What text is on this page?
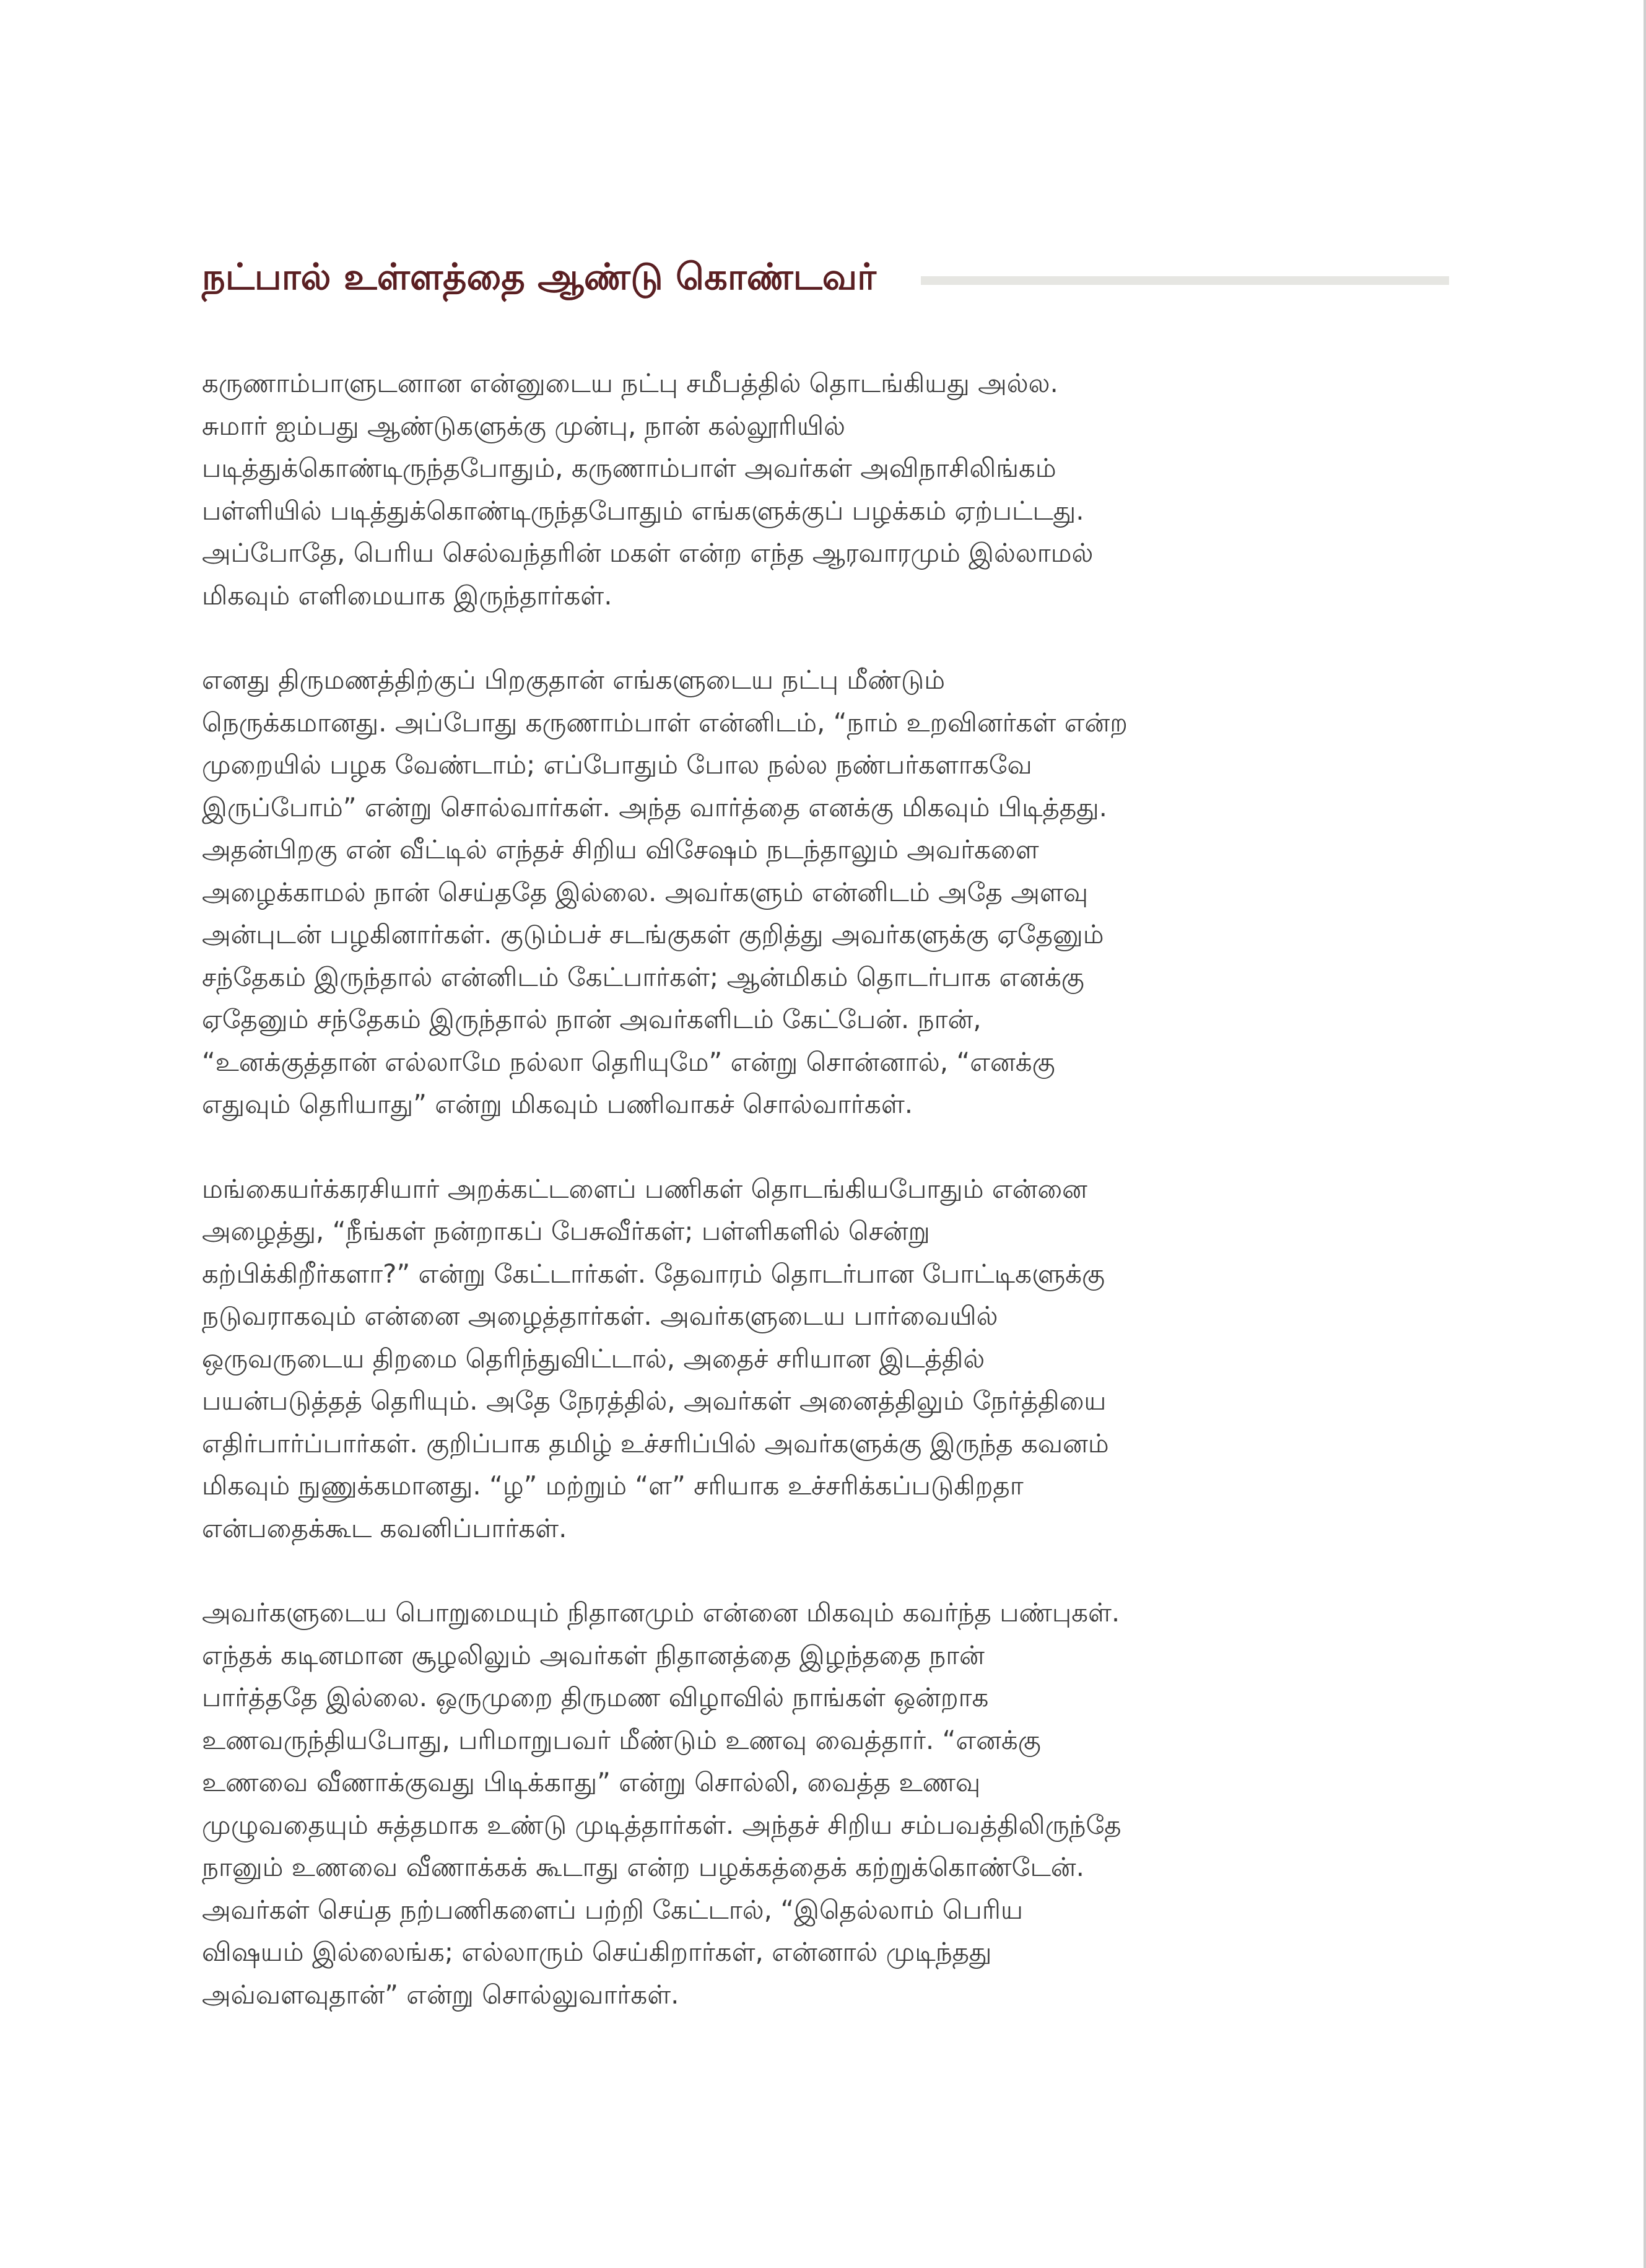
நட்பால் உள்ளத்தை ஆண்டு கொண்டவர்

கருணாம்பாளுடனான என்னுடைய நட்பு சமீபத்தில் தொடங்கியது அல்ல.
சுமார் ஐம்பது ஆண்டுகளுக்கு முன்பு, நான் கல்லூரியில்
படித்துக்கொண்டிருந்தபோதும், கருணாம்பாள் அவர்கள் அவிநாசிலிங்கம்
பள்ளியில் படித்துக்கொண்டிருந்தபோதும் எங்களுக்குப் பழக்கம் ஏற்பட்டது.
அப்போதே, பெரிய செல்வந்தரின் மகள் என்ற எந்த ஆரவாரமும் இல்லாமல்
மிகவும் எளிமையாக இருந்தார்கள்.

எனது திருமணத்திற்குப் பிறகுதான் எங்களுடைய நட்பு மீண்டும்
நெருக்கமானது. அப்போது கருணாம்பாள் என்னிடம், “நாம் உறவினர்கள் என்ற
முறையில் பழக வேண்டாம்; எப்போதும் போல நல்ல நண்பர்களாகவே
இருப்போம்” என்று சொல்வார்கள். அந்த வார்த்தை எனக்கு மிகவும் பிடித்தது.
அதன்பிறகு என் வீட்டில் எந்தச் சிறிய விசேஷம் நடந்தாலும் அவர்களை
அழைக்காமல் நான் செய்ததே இல்லை. அவர்களும் என்னிடம் அதே அளவு
அன்புடன் பழகினார்கள். குடும்பச் சடங்குகள் குறித்து அவர்களுக்கு ஏதேனும்
சந்தேகம் இருந்தால் என்னிடம் கேட்பார்கள்; ஆன்மிகம் தொடர்பாக எனக்கு
ஏதேனும் சந்தேகம் இருந்தால் நான் அவர்களிடம் கேட்பேன். நான்,
“உனக்குத்தான் எல்லாமே நல்லா தெரியுமே” என்று சொன்னால், “எனக்கு
எதுவும் தெரியாது” என்று மிகவும் பணிவாகச் சொல்வார்கள்.

மங்கையர்க்கரசியார் அறக்கட்டளைப் பணிகள் தொடங்கியபோதும் என்னை
அழைத்து, “நீங்கள் நன்றாகப் பேசுவீர்கள்; பள்ளிகளில் சென்று
கற்பிக்கிறீர்களா?” என்று கேட்டார்கள். தேவாரம் தொடர்பான போட்டிகளுக்கு
நடுவராகவும் என்னை அழைத்தார்கள். அவர்களுடைய பார்வையில்
ஒருவருடைய திறமை தெரிந்துவிட்டால், அதைச் சரியான இடத்தில்
பயன்படுத்தத் தெரியும். அதே நேரத்தில், அவர்கள் அனைத்திலும் நேர்த்தியை
எதிர்பார்ப்பார்கள். குறிப்பாக தமிழ் உச்சரிப்பில் அவர்களுக்கு இருந்த கவனம்
மிகவும் நுணுக்கமானது. “ழ” மற்றும் “ள” சரியாக உச்சரிக்கப்படுகிறதா
என்பதைக்கூட கவனிப்பார்கள்.

அவர்களுடைய பொறுமையும் நிதானமும் என்னை மிகவும் கவர்ந்த பண்புகள்.
எந்தக் கடினமான சூழலிலும் அவர்கள் நிதானத்தை இழந்ததை நான்
பார்த்ததே இல்லை. ஒருமுறை திருமண விழாவில் நாங்கள் ஒன்றாக
உணவருந்தியபோது, பரிமாறுபவர் மீண்டும் உணவு வைத்தார். “எனக்கு
உணவை வீணாக்குவது பிடிக்காது” என்று சொல்லி, வைத்த உணவு
முழுவதையும் சுத்தமாக உண்டு முடித்தார்கள். அந்தச் சிறிய சம்பவத்திலிருந்தே
நானும் உணவை வீணாக்கக் கூடாது என்ற பழக்கத்தைக் கற்றுக்கொண்டேன்.
அவர்கள் செய்த நற்பணிகளைப் பற்றி கேட்டால், “இதெல்லாம் பெரிய
விஷயம் இல்லைங்க; எல்லாரும் செய்கிறார்கள், என்னால் முடிந்தது
அவ்வளவுதான்” என்று சொல்லுவார்கள்.
